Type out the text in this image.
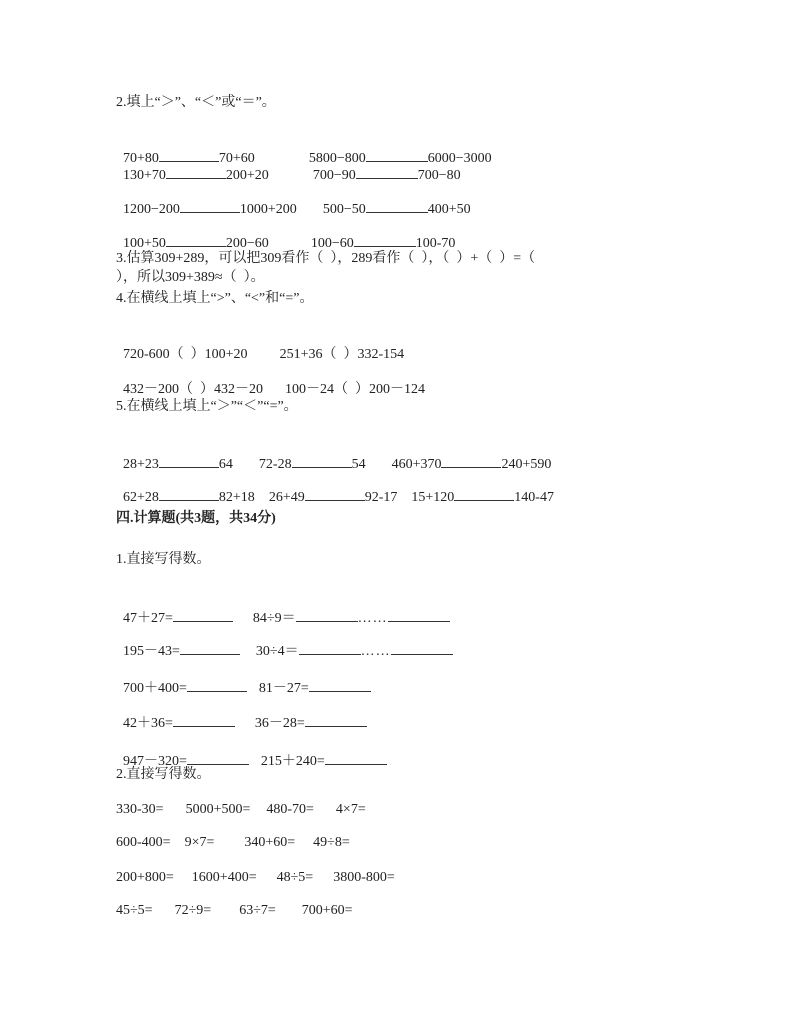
2.填上“＞”、“＜”或“＝”。

70+80	70+60	5800−800	6000−3000

130+70	200+20	700−90	700−80

1200−200	1000+200 500−50	400+50

100+50	200−60	100−60	100-70

3.估算309+289，可以把309看作（  ），289看作（  ），（  ）+（  ）=（
），所以309+389≈（  ）。
4.在横线上填上“>”、“<”和“=”。

720-600（  ）100+20 251+36（  ）332-154

432－200（  ）432－20 100－24（  ）200－124

5.在横线上填上“＞”“＜”“=”。

28+23	64 72-28	54 460+370	240+590

62+28	82+18 26+49	92-17 15+120	140-47

四.计算题(共3题，共34分)
1.直接写得数。

47＋27=	84÷9＝	……

195－43=	30÷4＝	……

700＋400=	81－27=

42＋36=	36－28=

947－320=	215＋240=

2.直接写得数。
330-30= 5000+500= 480-70= 4×7=
600-400= 9×7= 340+60= 49÷8=
200+800= 1600+400= 48÷5= 3800-800=
45÷5= 72÷9= 63÷7= 700+60=
